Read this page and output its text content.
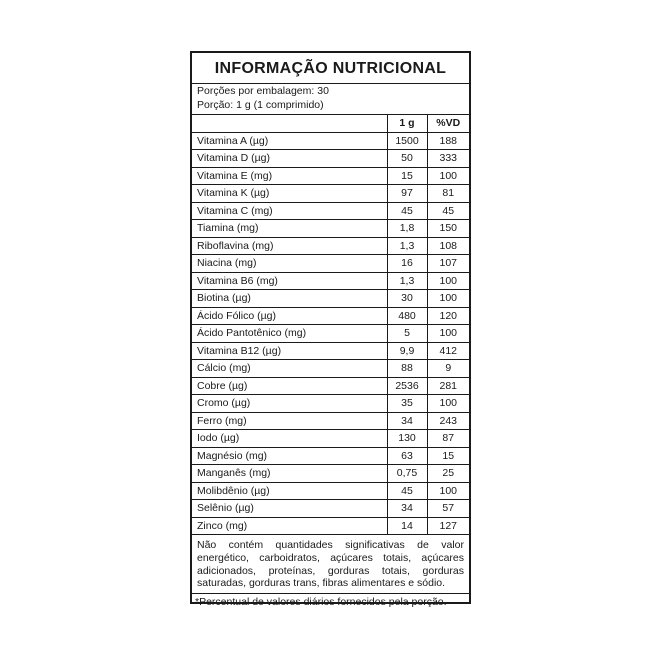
INFORMAÇÃO NUTRICIONAL
Porções por embalagem: 30
Porção: 1 g (1 comprimido)
	1 g	%VD
Vitamina A (µg)	1500	188
Vitamina D (µg)	50	333
Vitamina E (mg)	15	100
Vitamina K (µg)	97	81
Vitamina C (mg)	45	45
Tiamina (mg)	1,8	150
Riboflavina (mg)	1,3	108
Niacina (mg)	16	107
Vitamina B6 (mg)	1,3	100
Biotina (µg)	30	100
Ácido Fólico (µg)	480	120
Ácido Pantotênico (mg)	5	100
Vitamina B12 (µg)	9,9	412
Cálcio (mg)	88	9
Cobre (µg)	2536	281
Cromo (µg)	35	100
Ferro (mg)	34	243
Iodo (µg)	130	87
Magnésio (mg)	63	15
Manganês (mg)	0,75	25
Molibdênio (µg)	45	100
Selênio (µg)	34	57
Zinco (mg)	14	127
Não contém quantidades significativas de valor energético, carboidratos, açúcares totais, açúcares adicionados, proteínas, gorduras totais, gorduras saturadas, gorduras trans, fibras alimentares e sódio.
*Percentual de valores diários fornecidos pela porção.
